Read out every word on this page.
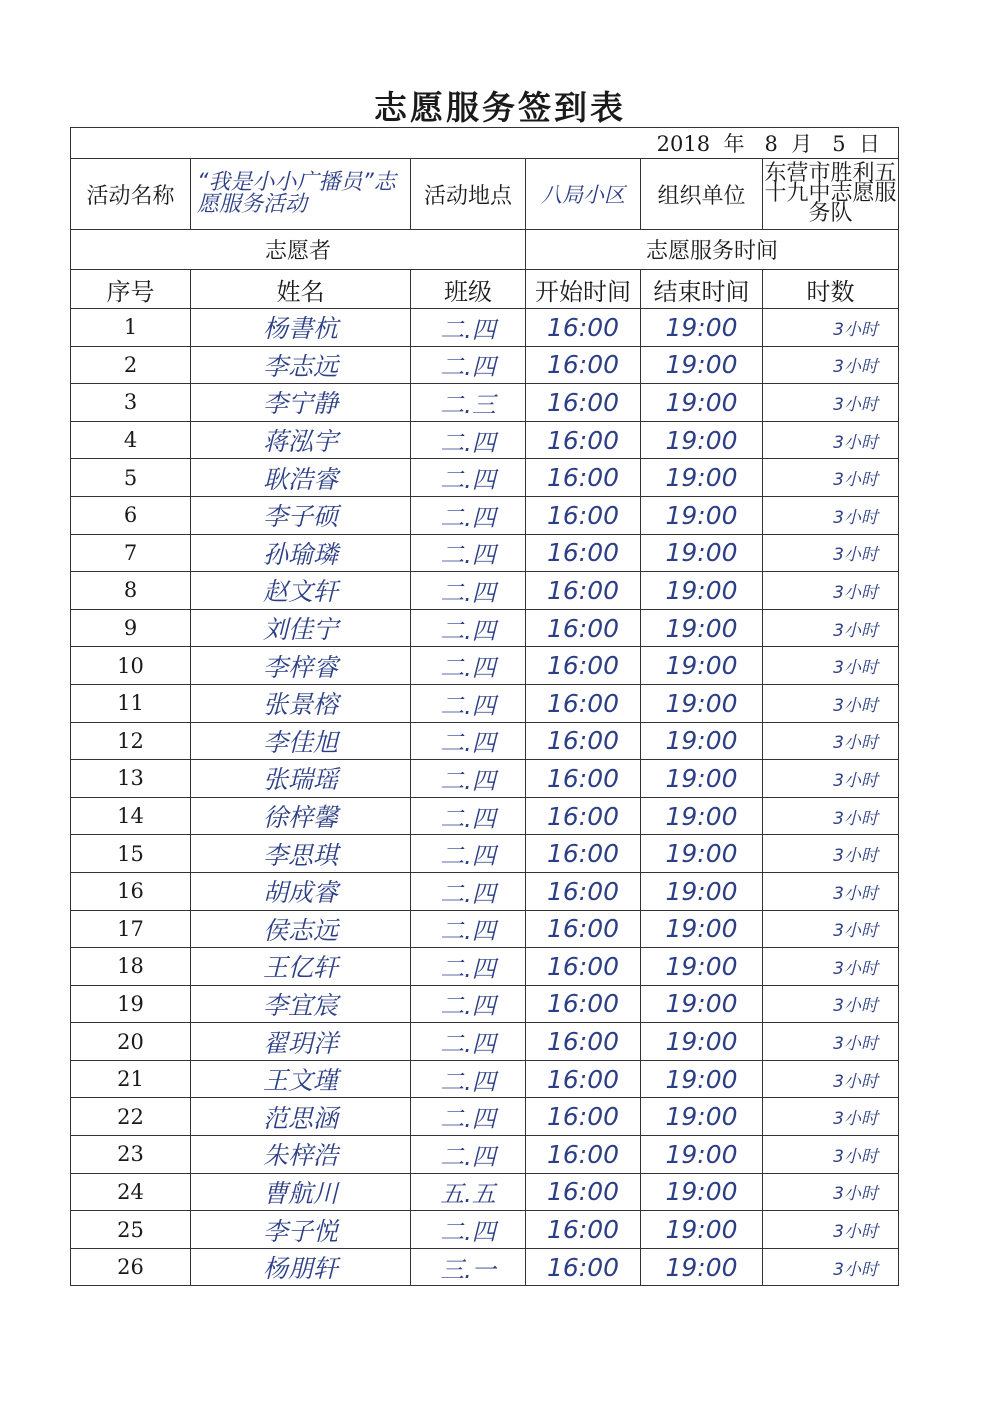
志愿服务签到表
2018 年 8 月 5 日					
活动名称	“我是小小广播员”志愿服务活动	活动地点	八局小区	组织单位	东营市胜利五十九中志愿服务队
志愿者			志愿服务时间		
序号	姓名	班级	开始时间	结束时间	时数
1	杨書杭	二.四	16:00	19:00	3小时
2	李志远	二.四	16:00	19:00	3小时
3	李宁静	二.三	16:00	19:00	3小时
4	蒋泓宇	二.四	16:00	19:00	3小时
5	耿浩睿	二.四	16:00	19:00	3小时
6	李子硕	二.四	16:00	19:00	3小时
7	孙瑜璘	二.四	16:00	19:00	3小时
8	赵文轩	二.四	16:00	19:00	3小时
9	刘佳宁	二.四	16:00	19:00	3小时
10	李梓睿	二.四	16:00	19:00	3小时
11	张景榕	二.四	16:00	19:00	3小时
12	李佳旭	二.四	16:00	19:00	3小时
13	张瑞瑶	二.四	16:00	19:00	3小时
14	徐梓馨	二.四	16:00	19:00	3小时
15	李思琪	二.四	16:00	19:00	3小时
16	胡成睿	二.四	16:00	19:00	3小时
17	侯志远	二.四	16:00	19:00	3小时
18	王亿轩	二.四	16:00	19:00	3小时
19	李宜宸	二.四	16:00	19:00	3小时
20	翟玥洋	二.四	16:00	19:00	3小时
21	王文瑾	二.四	16:00	19:00	3小时
22	范思涵	二.四	16:00	19:00	3小时
23	朱梓浩	二.四	16:00	19:00	3小时
24	曹航川	五.五	16:00	19:00	3小时
25	李子悦	二.四	16:00	19:00	3小时
26	杨朋轩	三.一	16:00	19:00	3小时
